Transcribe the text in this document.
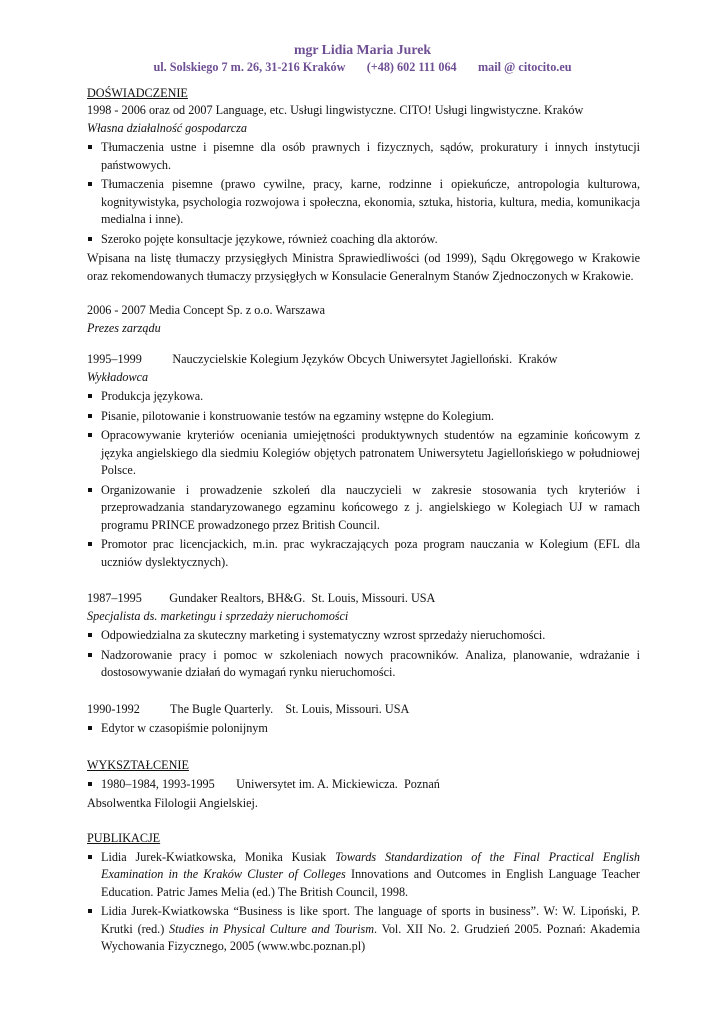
mgr Lidia Maria Jurek
ul. Solskiego 7 m. 26, 31-216 Kraków       (+48) 602 111 064       mail @ citocito.eu
DOŚWIADCZENIE
1998 - 2006 oraz od 2007 Language, etc. Usługi lingwistyczne. CITO! Usługi lingwistyczne. Kraków
Własna działalność gospodarcza
Tłumaczenia ustne i pisemne dla osób prawnych i fizycznych, sądów, prokuratury i innych instytucji państwowych.
Tłumaczenia pisemne (prawo cywilne, pracy, karne, rodzinne i opiekuńcze, antropologia kulturowa, kognitywistyka, psychologia rozwojowa i społeczna, ekonomia, sztuka, historia, kultura, media, komunikacja medialna i inne).
Szeroko pojęte konsultacje językowe, również coaching dla aktorów.
Wpisana na listę tłumaczy przysięgłych Ministra Sprawiedliwości (od 1999), Sądu Okręgowego w Krakowie oraz rekomendowanych tłumaczy przysięgłych w Konsulacie Generalnym Stanów Zjednoczonych w Krakowie.
2006 - 2007 Media Concept Sp. z o.o. Warszawa
Prezes zarządu
1995–1999          Nauczycielskie Kolegium Języków Obcych Uniwersytet Jagielloński.  Kraków
Wykładowca
Produkcja językowa.
Pisanie, pilotowanie i konstruowanie testów na egzaminy wstępne do Kolegium.
Opracowywanie kryteriów oceniania umiejętności produktywnych studentów na egzaminie końcowym z języka angielskiego dla siedmiu Kolegiów objętych patronatem Uniwersytetu Jagiellońskiego w południowej Polsce.
Organizowanie i prowadzenie szkoleń dla nauczycieli w zakresie stosowania tych kryteriów i przeprowadzania standaryzowanego egzaminu końcowego z j. angielskiego w Kolegiach UJ w ramach programu PRINCE prowadzonego przez British Council.
Promotor prac licencjackich, m.in. prac wykraczających poza program nauczania w Kolegium (EFL dla uczniów dyslektycznych).
1987–1995         Gundaker Realtors, BH&G.  St. Louis, Missouri. USA
Specjalista ds. marketingu i sprzedaży nieruchomości
Odpowiedzialna za skuteczny marketing i systematyczny wzrost sprzedaży nieruchomości.
Nadzorowanie pracy i pomoc w szkoleniach nowych pracowników. Analiza, planowanie, wdrażanie i dostosowywanie działań do wymagań rynku nieruchomości.
1990-1992          The Bugle Quarterly.    St. Louis, Missouri. USA
Edytor w czasopiśmie polonijnym
WYKSZTAŁCENIE
1980–1984, 1993-1995       Uniwersytet im. A. Mickiewicza.  Poznań
Absolwentka Filologii Angielskiej.
PUBLIKACJE
Lidia Jurek-Kwiatkowska, Monika Kusiak Towards Standardization of the Final Practical English Examination in the Kraków Cluster of Colleges Innovations and Outcomes in English Language Teacher Education. Patric James Melia (ed.) The British Council, 1998.
Lidia Jurek-Kwiatkowska “Business is like sport. The language of sports in business”. W: W. Lipoński, P. Krutki (red.) Studies in Physical Culture and Tourism. Vol. XII No. 2. Grudzień 2005. Poznań: Akademia Wychowania Fizycznego, 2005 (www.wbc.poznan.pl)
